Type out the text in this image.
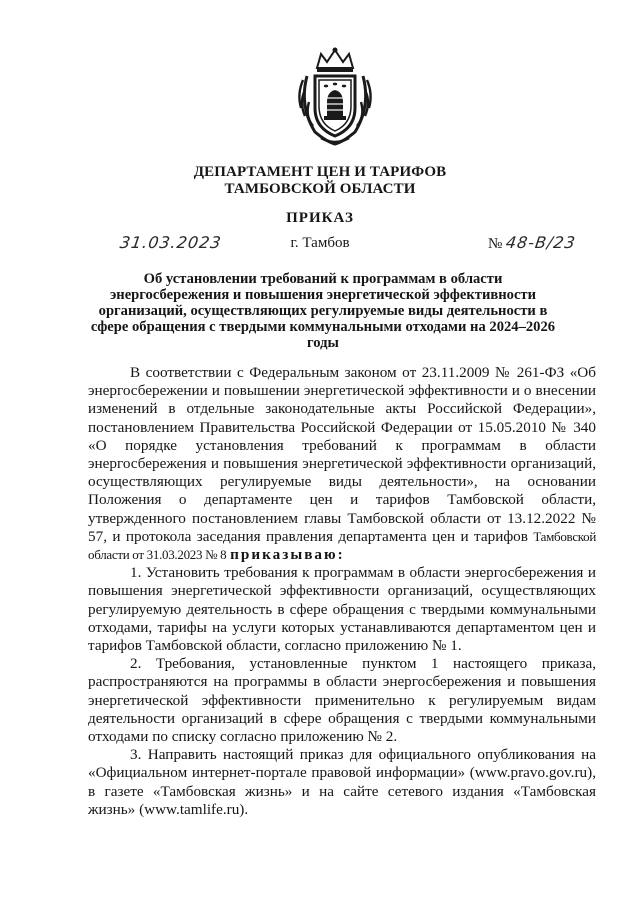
ДЕПАРТАМЕНТ ЦЕН И ТАРИФОВ
ТАМБОВСКОЙ ОБЛАСТИ
ПРИКАЗ
31.03.2023	г. Тамбов	№ 48-В/23
Об установлении требований к программам в области энергосбережения и повышения энергетической эффективности организаций, осуществляющих регулируемые виды деятельности в сфере обращения с твердыми коммунальными отходами на 2024–2026 годы

В соответствии с Федеральным законом от 23.11.2009 № 261-ФЗ «Об энергосбережении и повышении энергетической эффективности и о внесении изменений в отдельные законодательные акты Российской Федерации», постановлением Правительства Российской Федерации от 15.05.2010 № 340 «О порядке установления требований к программам в области энергосбережения и повышения энергетической эффективности организаций, осуществляющих регулируемые виды деятельности», на основании Положения о департаменте цен и тарифов Тамбовской области, утвержденного постановлением главы Тамбовской области от 13.12.2022 № 57, и протокола заседания правления департамента цен и тарифов Тамбовской области от 31.03.2023 № 8 приказываю:

1. Установить требования к программам в области энергосбережения и повышения энергетической эффективности организаций, осуществляющих регулируемую деятельность в сфере обращения с твердыми коммунальными отходами, тарифы на услуги которых устанавливаются департаментом цен и тарифов Тамбовской области, согласно приложению № 1.

2. Требования, установленные пунктом 1 настоящего приказа, распространяются на программы в области энергосбережения и повышения энергетической эффективности применительно к регулируемым видам деятельности организаций в сфере обращения с твердыми коммунальными отходами по списку согласно приложению № 2.

3. Направить настоящий приказ для официального опубликования на «Официальном интернет-портале правовой информации» (www.pravo.gov.ru), в газете «Тамбовская жизнь» и на сайте сетевого издания «Тамбовская жизнь» (www.tamlife.ru).
